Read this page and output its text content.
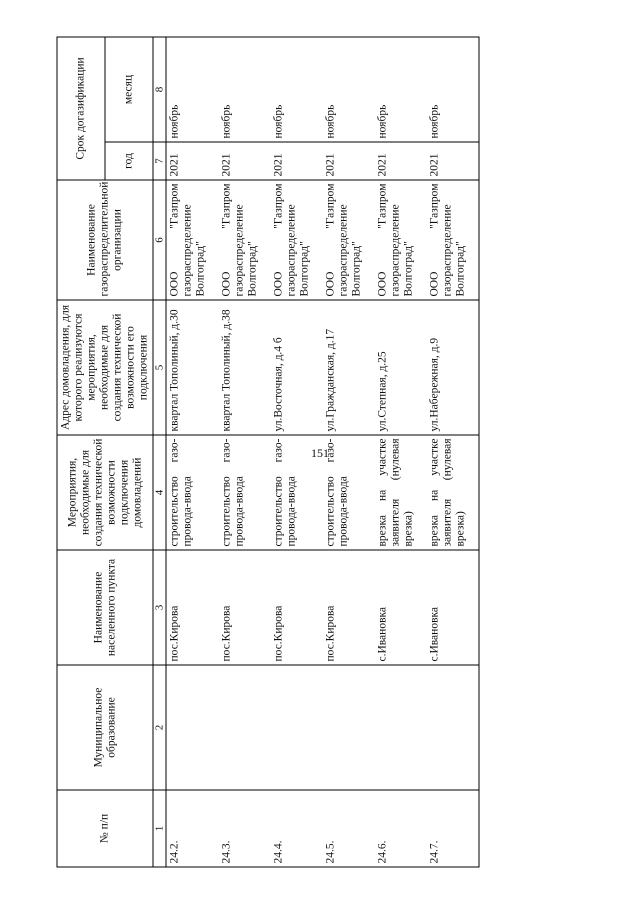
151
№ п/п	Муниципальное образование	Наименование населенного пункта	Мероприятия, необходимые для создания технической возможности подключения домовладений	Адрес домовладения, для которого реализуются мероприятия, необходимые для создания технической возможности его подключения	Наименование газораспределительной организации	Срок догазификации	
						год	месяц
1	2	3	4	5	6	7	8
24.2.		пос.Кирова	строительство газо-провода-ввода	квартал Тополиный, д.30	ООО "Газпром газораспределение Волгоград"	2021	ноябрь
24.3.		пос.Кирова	строительство газо-провода-ввода	квартал Тополиный, д.38	ООО "Газпром газораспределение Волгоград"	2021	ноябрь
24.4.		пос.Кирова	строительство газо-провода-ввода	ул.Восточная, д.4 б	ООО "Газпром газораспределение Волгоград"	2021	ноябрь
24.5.		пос.Кирова	строительство газо-провода-ввода	ул.Гражданская, д.17	ООО "Газпром газораспределение Волгоград"	2021	ноябрь
24.6.		с.Ивановка	врезка на участке заявителя (нулевая врезка)	ул.Степная, д.25	ООО "Газпром газораспределение Волгоград"	2021	ноябрь
24.7.		с.Ивановка	врезка на участке заявителя (нулевая врезка)	ул.Набережная, д.9	ООО "Газпром газораспределение Волгоград"	2021	ноябрь
